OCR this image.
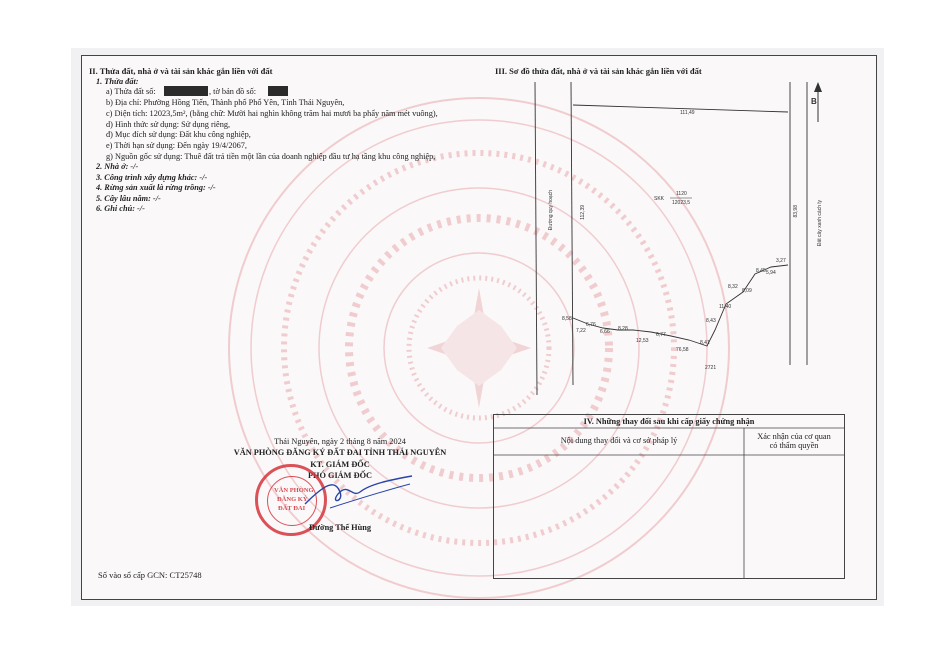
II. Thửa đất, nhà ở và tài sản khác gắn liền với đất
1. Thửa đất:
a) Thửa đất số:	, tờ bản đồ số:
b) Địa chỉ: Phường Hồng Tiến, Thành phố Phổ Yên, Tỉnh Thái Nguyên,
c) Diện tích: 12023,5m², (bằng chữ: Mười hai nghìn không trăm hai mươi ba phẩy năm mét vuông),
d) Hình thức sử dụng: Sử dụng riêng,
đ) Mục đích sử dụng: Đất khu công nghiệp,
e) Thời hạn sử dụng: Đến ngày 19/4/2067,
g) Nguồn gốc sử dụng: Thuê đất trả tiền một lần của doanh nghiệp đầu tư hạ tầng khu công nghiệp,
2. Nhà ở: -/-
3. Công trình xây dựng khác: -/-
4. Rừng sản xuất là rừng trồng: -/-
5. Cây lâu năm: -/-
6. Ghi chú: -/-
Thái Nguyên, ngày 2 tháng 8 năm 2024
VĂN PHÒNG ĐĂNG KÝ ĐẤT ĐAI TỈNH THÁI NGUYÊN
KT. GIÁM ĐỐC
PHÓ GIÁM ĐỐC
VĂN PHÒNG
ĐĂNG KÝ
ĐẤT ĐAI
Đường Thế Hùng
Số vào sổ cấp GCN: CT25748
III. Sơ đồ thửa đất, nhà ở và tài sản khác gắn liền với đất
B
111,49
Đường quy hoạch	112,39	83,98	Đất cây xanh cách ly
SKK
1120
12023,5
8,58
7,22
6,76
6,66 8,28
12,53
6,77
76,58
8,41
8,43
11,40
8,32
8,09
8,45 5,94
3,27
2721
IV. Những thay đổi sau khi cấp giấy chứng nhận
Nội dung thay đổi và cơ sở pháp lý	Xác nhận của cơ quan
có thẩm quyền
